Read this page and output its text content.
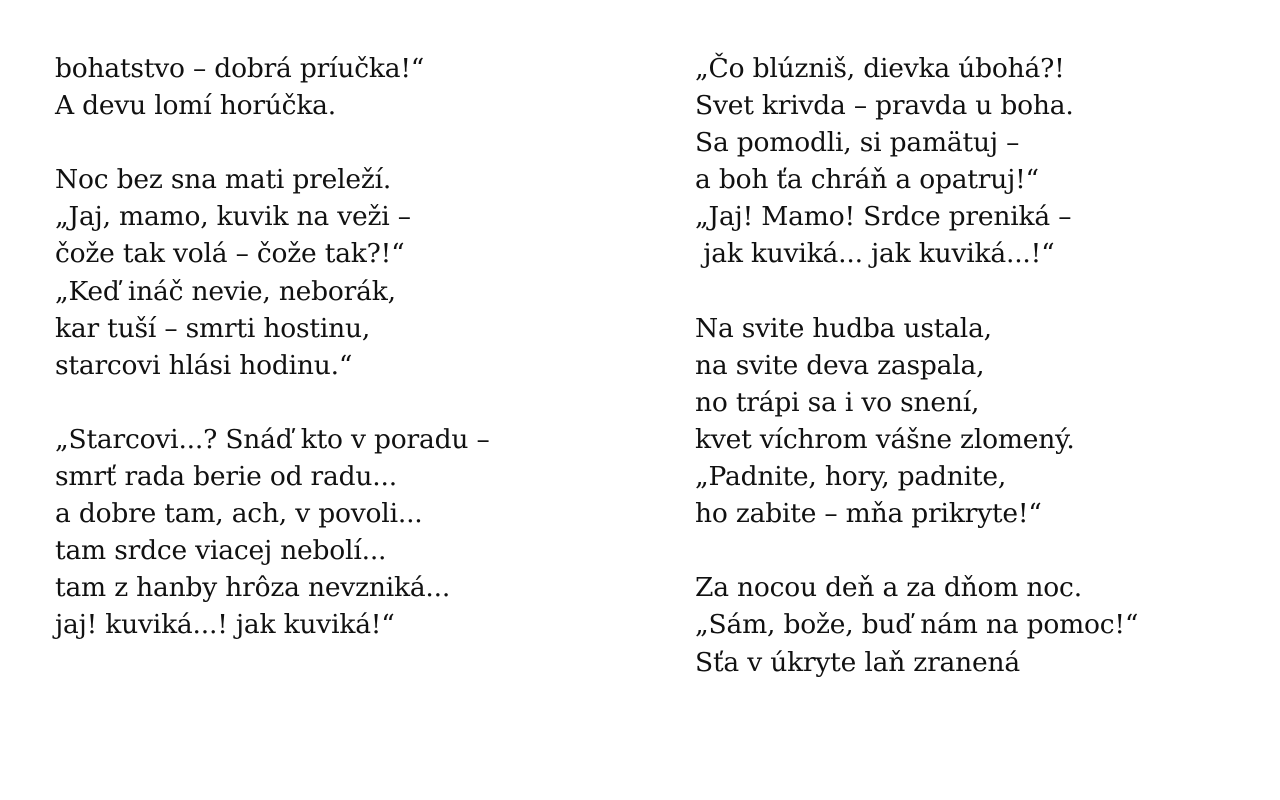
bohatstvo – dobrá príučka!“
A devu lomí horúčka.
Noc bez sna mati preleží.
„Jaj, mamo, kuvik na veži –
čože tak volá – čože tak?!“
„Keď ináč nevie, neborák,
kar tuší – smrti hostinu,
starcovi hlási hodinu.“
„Starcovi...? Snáď kto v poradu –
smrť rada berie od radu...
a dobre tam, ach, v povoli...
tam srdce viacej nebolí...
tam z hanby hrôza nevzniká...
jaj! kuviká...! jak kuviká!“
„Čo blúzniš, dievka úbohá?!
Svet krivda – pravda u boha.
Sa pomodli, si pamätuj –
a boh ťa chráň a opatruj!“
„Jaj! Mamo! Srdce preniká –
jak kuviká... jak kuviká...!“
Na svite hudba ustala,
na svite deva zaspala,
no trápi sa i vo snení,
kvet víchrom vášne zlomený.
„Padnite, hory, padnite,
ho zabite – mňa prikryte!“
Za nocou deň a za dňom noc.
„Sám, bože, buď nám na pomoc!“
Sťa v úkryte laň zranená
